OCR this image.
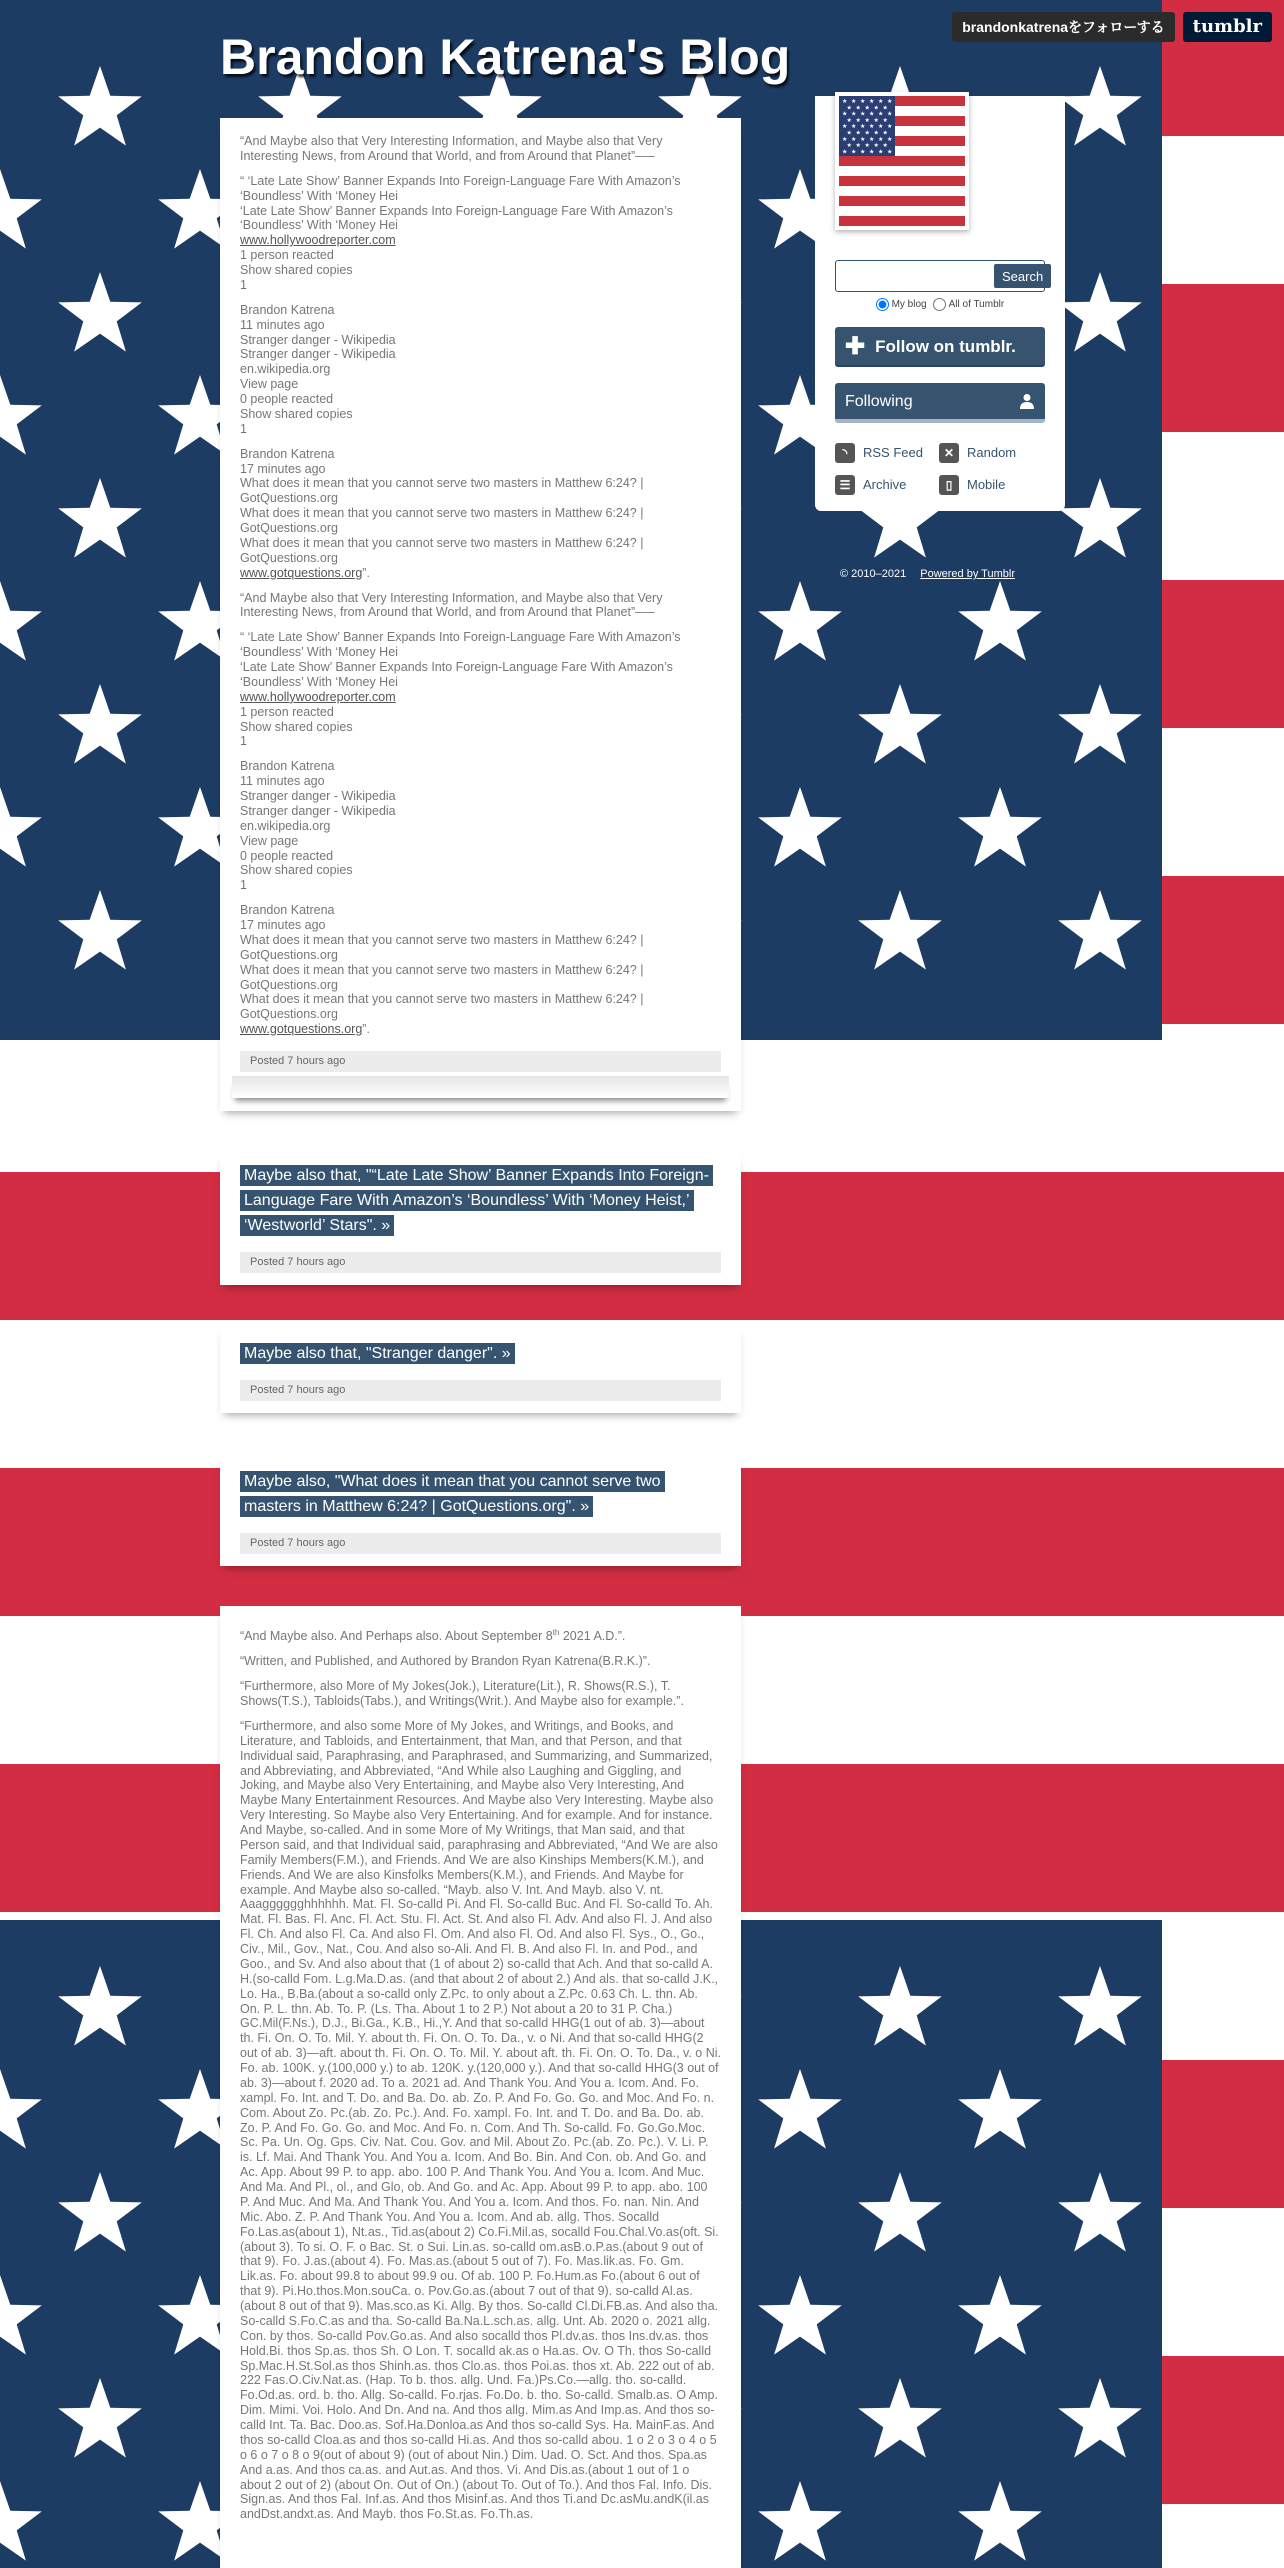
brandonkatrenaをフォローする	tumblr
Brandon Katrena's Blog

“And Maybe also that Very Interesting Information, and Maybe also that Very Interesting News, from Around that World, and from Around that Planet”—–

“ ‘Late Late Show’ Banner Expands Into Foreign-Language Fare With Amazon’s ‘Boundless’ With ‘Money Hei
‘Late Late Show’ Banner Expands Into Foreign-Language Fare With Amazon’s ‘Boundless’ With ‘Money Hei
www.hollywoodreporter.com
1 person reacted
Show shared copies
1

Brandon Katrena
11 minutes ago
Stranger danger - Wikipedia
Stranger danger - Wikipedia
en.wikipedia.org
View page
0 people reacted
Show shared copies
1

Brandon Katrena
17 minutes ago
What does it mean that you cannot serve two masters in Matthew 6:24? | GotQuestions.org
What does it mean that you cannot serve two masters in Matthew 6:24? | GotQuestions.org
What does it mean that you cannot serve two masters in Matthew 6:24? | GotQuestions.org
www.gotquestions.org”.

“And Maybe also that Very Interesting Information, and Maybe also that Very Interesting News, from Around that World, and from Around that Planet”—–

“ ‘Late Late Show’ Banner Expands Into Foreign-Language Fare With Amazon’s ‘Boundless’ With ‘Money Hei
‘Late Late Show’ Banner Expands Into Foreign-Language Fare With Amazon’s ‘Boundless’ With ‘Money Hei
www.hollywoodreporter.com
1 person reacted
Show shared copies
1

Brandon Katrena
11 minutes ago
Stranger danger - Wikipedia
Stranger danger - Wikipedia
en.wikipedia.org
View page
0 people reacted
Show shared copies
1

Brandon Katrena
17 minutes ago
What does it mean that you cannot serve two masters in Matthew 6:24? | GotQuestions.org
What does it mean that you cannot serve two masters in Matthew 6:24? | GotQuestions.org
What does it mean that you cannot serve two masters in Matthew 6:24? | GotQuestions.org
www.gotquestions.org”.

Posted 7 hours ago
Maybe also that, "“Late Late Show’ Banner Expands Into Foreign-Language Fare With Amazon’s ‘Boundless’ With ‘Money Heist,’ ‘Westworld’ Stars". »
Posted 7 hours ago
Maybe also that, "Stranger danger". »
Posted 7 hours ago
Maybe also, "What does it mean that you cannot serve two masters in Matthew 6:24? | GotQuestions.org". »
Posted 7 hours ago

“And Maybe also. And Perhaps also. About September 8th 2021 A.D.”.

“Written, and Published, and Authored by Brandon Ryan Katrena(B.R.K.)”.

“Furthermore, also More of My Jokes(Jok.), Literature(Lit.), R. Shows(R.S.), T. Shows(T.S.), Tabloids(Tabs.), and Writings(Writ.). And Maybe also for example.”.

“Furthermore, and also some More of My Jokes, and Writings, and Books, and Literature, and Tabloids, and Entertainment, that Man, and that Person, and that Individual said, Paraphrasing, and Paraphrased, and Summarizing, and Summarized, and Abbreviating, and Abbreviated, “And While also Laughing and Giggling, and Joking, and Maybe also Very Entertaining, and Maybe also Very Interesting, And Maybe Many Entertainment Resources. And Maybe also Very Interesting. Maybe also Very Interesting. So Maybe also Very Entertaining. And for example. And for instance. And Maybe, so-called. And in some More of My Writings, that Man said, and that Person said, and that Individual said, paraphrasing and Abbreviated, “And We are also Family Members(F.M.), and Friends. And We are also Kinships Members(K.M.), and Friends. And We are also Kinsfolks Members(K.M.), and Friends. And Maybe for example. And Maybe also so-called. “Mayb. also V. Int. And Mayb. also V. nt. Aaagggggghhhhhh. Mat. Fl. So-calld Pi. And Fl. So-calld Buc. And Fl. So-calld To. Ah. Mat. Fl. Bas. Fl. Anc. Fl. Act. Stu. Fl. Act. St. And also Fl. Adv. And also Fl. J. And also Fl. Ch. And also Fl. Ca. And also Fl. Om. And also Fl. Od. And also Fl. Sys., O., Go., Civ., Mil., Gov., Nat., Cou. And also so-Ali. And Fl. B. And also Fl. In. and Pod., and Goo., and Sv. And also about that (1 of about 2) so-calld that Ach. And that so-calld A. H.(so-calld Fom. L.g.Ma.D.as. (and that about 2 of about 2.) And als. that so-calld J.K., Lo. Ha., B.Ba.(about a so-calld only Z.Pc. to only about a Z.Pc. 0.63 Ch. L. thn. Ab. On. P. L. thn. Ab. To. P. (Ls. Tha. About 1 to 2 P.) Not about a 20 to 31 P. Cha.) GC.Mil(F.Ns.), D.J., Bi.Ga., K.B., Hi.,Y. And that so-calld HHG(1 out of ab. 3)—about th. Fi. On. O. To. Mil. Y. about th. Fi. On. O. To. Da., v. o Ni. And that so-calld HHG(2 out of ab. 3)—aft. about th. Fi. On. O. To. Mil. Y. about aft. th. Fi. On. O. To. Da., v. o Ni. Fo. ab. 100K. y.(100,000 y.) to ab. 120K. y.(120,000 y.). And that so-calld HHG(3 out of ab. 3)—about f. 2020 ad. To a. 2021 ad. And Thank You. And You a. Icom. And. Fo. xampl. Fo. Int. and T. Do. and Ba. Do. ab. Zo. P. And Fo. Go. Go. and Moc. And Fo. n. Com. About Zo. Pc.(ab. Zo. Pc.). And. Fo. xampl. Fo. Int. and T. Do. and Ba. Do. ab. Zo. P. And Fo. Go. Go. and Moc. And Fo. n. Com. And Th. So-calld. Fo. Go.Go.Moc. Sc. Pa. Un. Og. Gps. Civ. Nat. Cou. Gov. and Mil. About Zo. Pc.(ab. Zo. Pc.). V. Li. P. is. Lf. Mai. And Thank You. And You a. Icom. And Bo. Bin. And Con. ob. And Go. and Ac. App. About 99 P. to app. abo. 100 P. And Thank You. And You a. Icom. And Muc. And Ma. And Pl., ol., and Glo, ob. And Go. and Ac. App. About 99 P. to app. abo. 100 P. And Muc. And Ma. And Thank You. And You a. Icom. And thos. Fo. nan. Nin. And Mic. Abo. Z. P. And Thank You. And You a. Icom. And ab. allg. Thos. Socalld Fo.Las.as(about 1), Nt.as., Tid.as(about 2) Co.Fi.Mil.as, socalld Fou.Chal.Vo.as(oft. Si.(about 3). To si. O. F. o Bac. St. o Sui. Lin.as. so-calld om.asB.o.P.as.(about 9 out of that 9). Fo. J.as.(about 4). Fo. Mas.as.(about 5 out of 7). Fo. Mas.lik.as. Fo. Gm. Lik.as. Fo. about 99.8 to about 99.9 ou. Of ab. 100 P. Fo.Hum.as Fo.(about 6 out of that 9). Pi.Ho.thos.Mon.souCa. o. Pov.Go.as.(about 7 out of that 9). so-calld Al.as.(about 8 out of that 9). Mas.sco.as Ki. Allg. By thos. So-calld Cl.Di.FB.as. And also tha. So-calld S.Fo.C.as and tha. So-calld Ba.Na.L.sch.as. allg. Unt. Ab. 2020 o. 2021 allg. Con. by thos. So-calld Pov.Go.as. And also socalld thos Pl.dv.as. thos Ins.dv.as. thos Hold.Bi. thos Sp.as. thos Sh. O Lon. T. socalld ak.as o Ha.as. Ov. O Th. thos So-calld Sp.Mac.H.St.Sol.as thos Shinh.as. thos Clo.as. thos Poi.as. thos xt. Ab. 222 out of ab. 222 Fas.O.Civ.Nat.as. (Hap. To b. thos. allg. Und. Fa.)Ps.Co.—allg. tho. so-calld. Fo.Od.as. ord. b. tho. Allg. So-calld. Fo.rjas. Fo.Do. b. tho. So-calld. Smalb.as. O Amp. Dim. Mimi. Voi. Holo. And Dn. And na. And thos allg. Mim.as And Imp.as. And thos so-calld Int. Ta. Bac. Doo.as. Sof.Ha.Donloa.as And thos so-calld Sys. Ha. MainF.as. And thos so-calld Cloa.as and thos so-calld Hi.as. And thos so-calld abou. 1 o 2 o 3 o 4 o 5 o 6 o 7 o 8 o 9(out of about 9) (out of about Nin.) Dim. Uad. O. Sct. And thos. Spa.as And a.as. And thos ca.as. and Aut.as. And thos. Vi. And Dis.as.(about 1 out of 1 o about 2 out of 2) (about On. Out of On.) (about To. Out of To.). And thos Fal. Info. Dis. Sign.as. And thos Fal. Inf.as. And thos Misinf.as. And thos Ti.and Dc.asMu.andK(il.as andDst.andxt.as. And Mayb. thos Fo.St.as. Fo.Th.as.

★ ★ ★ ★ ★ ★
★ ★ ★ ★ ★
★ ★ ★ ★ ★ ★
★ ★ ★ ★ ★
★ ★ ★ ★ ★ ★
★ ★ ★ ★ ★
★ ★ ★ ★ ★ ★
★ ★ ★ ★ ★
★ ★ ★ ★ ★ ★
Search
My blog All of Tumblr
✚ Follow on tumblr.
Following
◝	RSS Feed	✕ Random
☰ Archive	▯	Mobile
© 2010–2021 Powered by Tumblr
